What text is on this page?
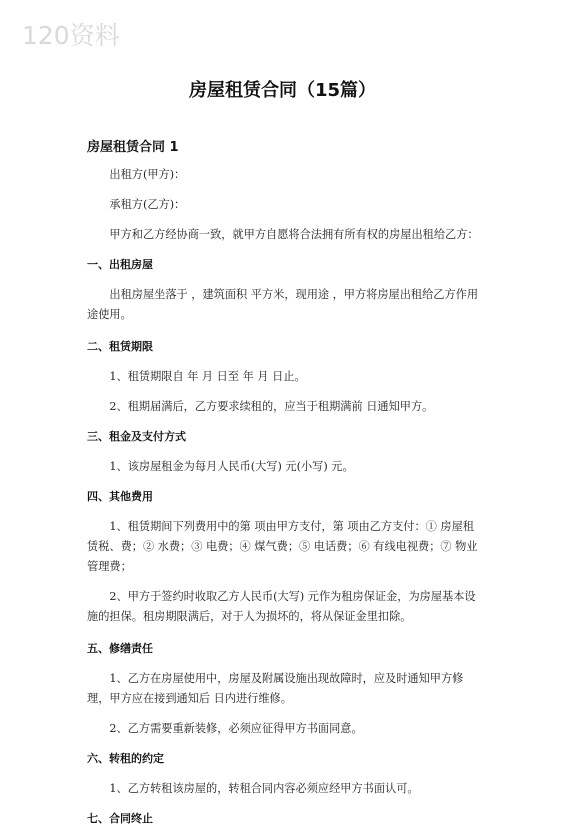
120资料
房屋租赁合同（15篇）
房屋租赁合同 1

出租方(甲方)：

承租方(乙方)：

甲方和乙方经协商一致，就甲方自愿将合法拥有所有权的房屋出租给乙方：

一、出租房屋

出租房屋坐落于 ，建筑面积 平方米，现用途 ，甲方将房屋出租给乙方作用途使用。

二、租赁期限

1、租赁期限自 年 月 日至 年 月 日止。

2、租期届满后，乙方要求续租的，应当于租期满前 日通知甲方。

三、租金及支付方式

1、该房屋租金为每月人民币(大写) 元(小写) 元。

四、其他费用

1、租赁期间下列费用中的第 项由甲方支付，第 项由乙方支付：① 房屋租赁税、费；② 水费；③ 电费；④ 煤气费；⑤ 电话费；⑥ 有线电视费；⑦ 物业管理费；

2、甲方于签约时收取乙方人民币(大写) 元作为租房保证金，为房屋基本设施的担保。租房期限满后，对于人为损坏的，将从保证金里扣除。

五、修缮责任

1、乙方在房屋使用中，房屋及附属设施出现故障时，应及时通知甲方修理，甲方应在接到通知后 日内进行维修。

2、乙方需要重新装修，必须应征得甲方书面同意。

六、转租的约定

1、乙方转租该房屋的，转租合同内容必须应经甲方书面认可。

七、合同终止
